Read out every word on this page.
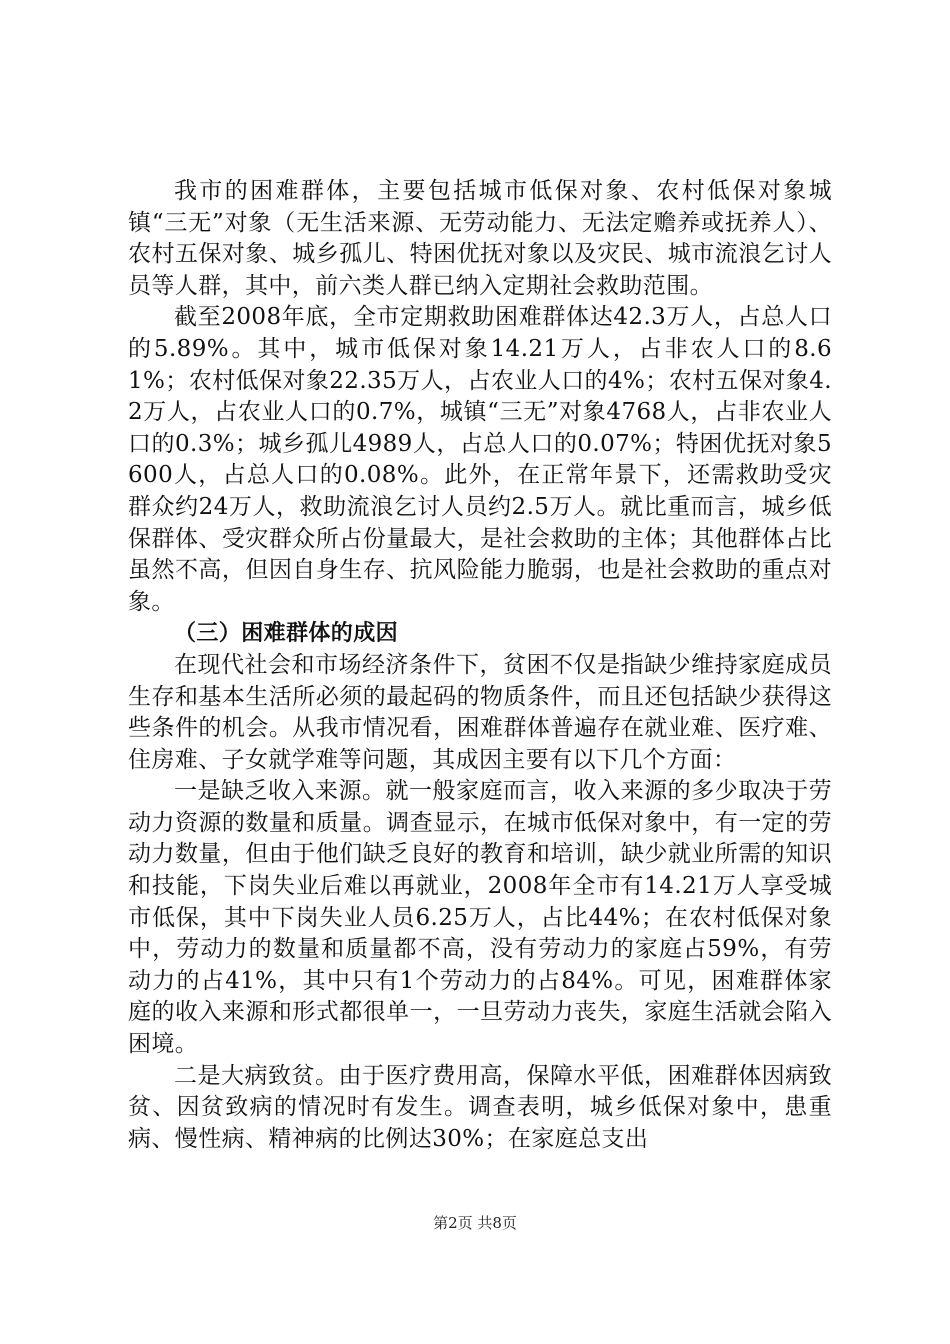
我市的困难群体，主要包括城市低保对象、农村低保对象城镇“三无”对象（无生活来源、无劳动能力、无法定赡养或抚养人）、农村五保对象、城乡孤儿、特困优抚对象以及灾民、城市流浪乞讨人员等人群，其中，前六类人群已纳入定期社会救助范围。

截至2008年底，全市定期救助困难群体达42.3万人，占总人口的5.89%。其中，城市低保对象14.21万人，占非农人口的8.61%；农村低保对象22.35万人，占农业人口的4%；农村五保对象4.2万人，占农业人口的0.7%，城镇“三无”对象4768人，占非农业人口的0.3%；城乡孤儿4989人，占总人口的0.07%；特困优抚对象5600人，占总人口的0.08%。此外，在正常年景下，还需救助受灾群众约24万人，救助流浪乞讨人员约2.5万人。就比重而言，城乡低保群体、受灾群众所占份量最大，是社会救助的主体；其他群体占比虽然不高，但因自身生存、抗风险能力脆弱，也是社会救助的重点对象。

（三）困难群体的成因

在现代社会和市场经济条件下，贫困不仅是指缺少维持家庭成员生存和基本生活所必须的最起码的物质条件，而且还包括缺少获得这些条件的机会。从我市情况看，困难群体普遍存在就业难、医疗难、住房难、子女就学难等问题，其成因主要有以下几个方面：

一是缺乏收入来源。就一般家庭而言，收入来源的多少取决于劳动力资源的数量和质量。调查显示，在城市低保对象中，有一定的劳动力数量，但由于他们缺乏良好的教育和培训，缺少就业所需的知识和技能，下岗失业后难以再就业，2008年全市有14.21万人享受城市低保，其中下岗失业人员6.25万人，占比44%；在农村低保对象中，劳动力的数量和质量都不高，没有劳动力的家庭占59%，有劳动力的占41%，其中只有1个劳动力的占84%。可见，困难群体家庭的收入来源和形式都很单一，一旦劳动力丧失，家庭生活就会陷入困境。

二是大病致贫。由于医疗费用高，保障水平低，困难群体因病致贫、因贫致病的情况时有发生。调查表明，城乡低保对象中，患重病、慢性病、精神病的比例达30%；在家庭总支出

第2页 共8页
